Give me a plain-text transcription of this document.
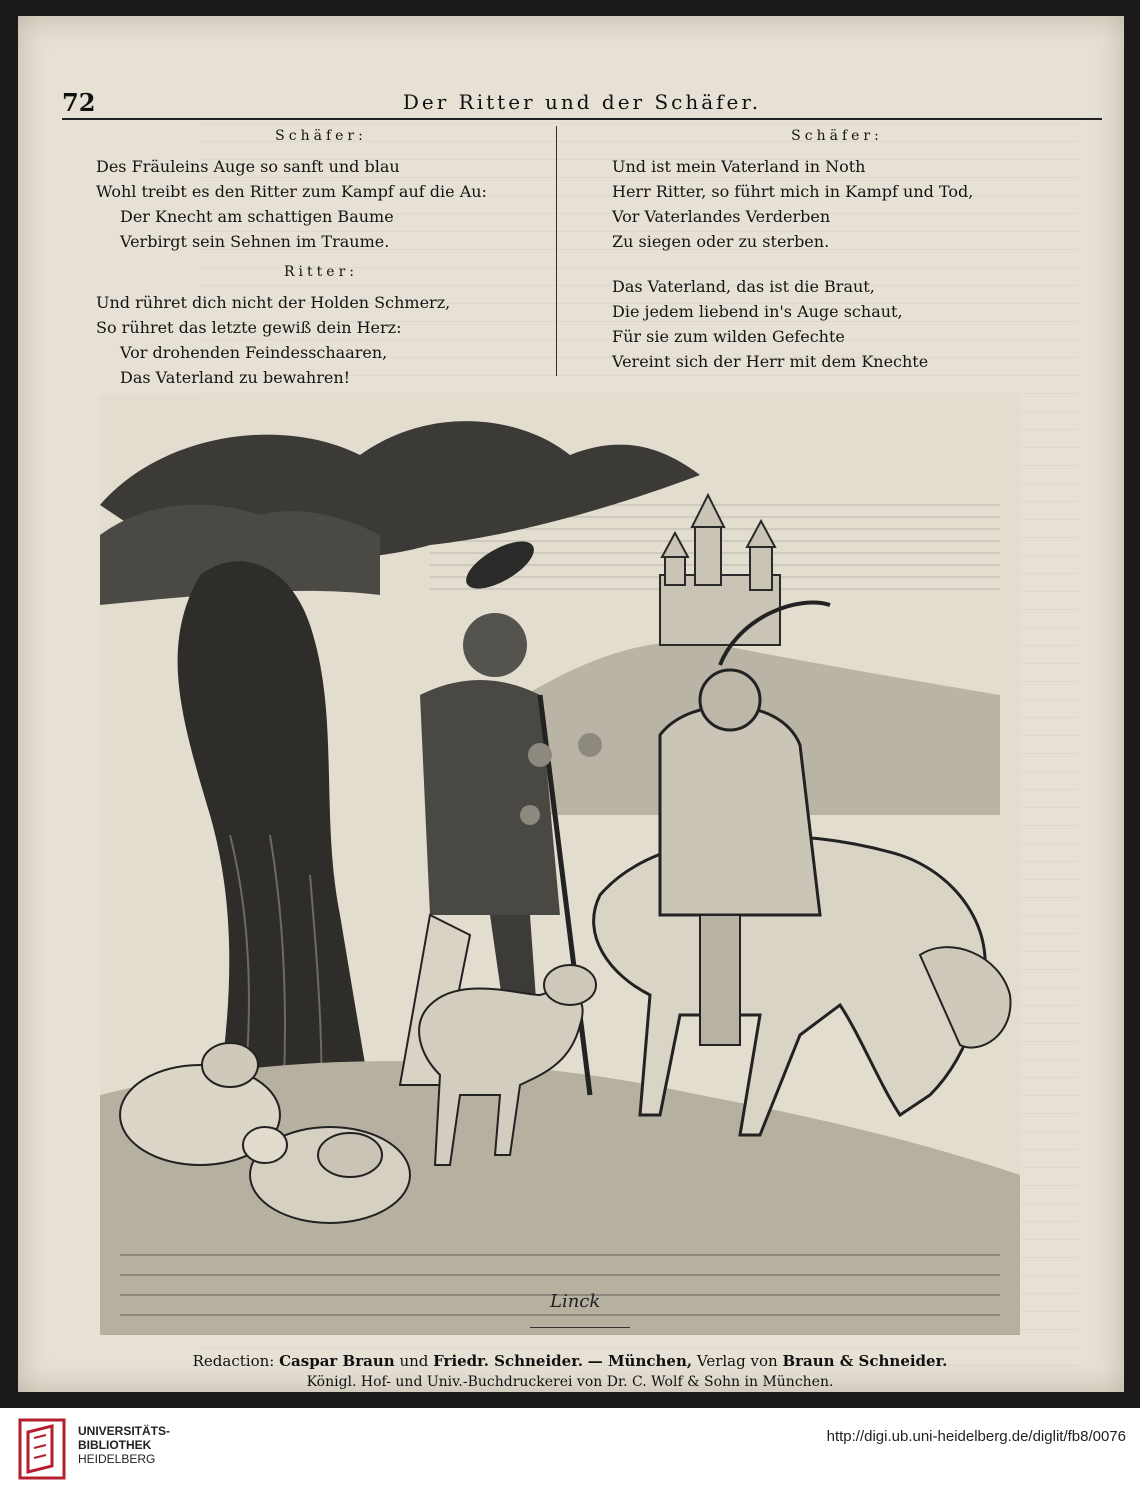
72	Der Ritter und der Schäfer.
Schäfer:
Des Fräuleins Auge so sanft und blau
Wohl treibt es den Ritter zum Kampf auf die Au:
Der Knecht am schattigen Baume
Verbirgt sein Sehnen im Traume.
Ritter:
Und rühret dich nicht der Holden Schmerz,
So rühret das letzte gewiß dein Herz:
Vor drohenden Feindesschaaren,
Das Vaterland zu bewahren!
Schäfer:
Und ist mein Vaterland in Noth
Herr Ritter, so führt mich in Kampf und Tod,
Vor Vaterlandes Verderben
Zu siegen oder zu sterben.
Das Vaterland, das ist die Braut,
Die jedem liebend in's Auge schaut,
Für sie zum wilden Gefechte
Vereint sich der Herr mit dem Knechte
Linck
Redaction: Caspar Braun und Friedr. Schneider. — München, Verlag von Braun & Schneider.
Königl. Hof- und Univ.-Buchdruckerei von Dr. C. Wolf & Sohn in München.
UNIVERSITÄTS-
BIBLIOTHEK
HEIDELBERG
http://digi.ub.uni-heidelberg.de/diglit/fb8/0076
